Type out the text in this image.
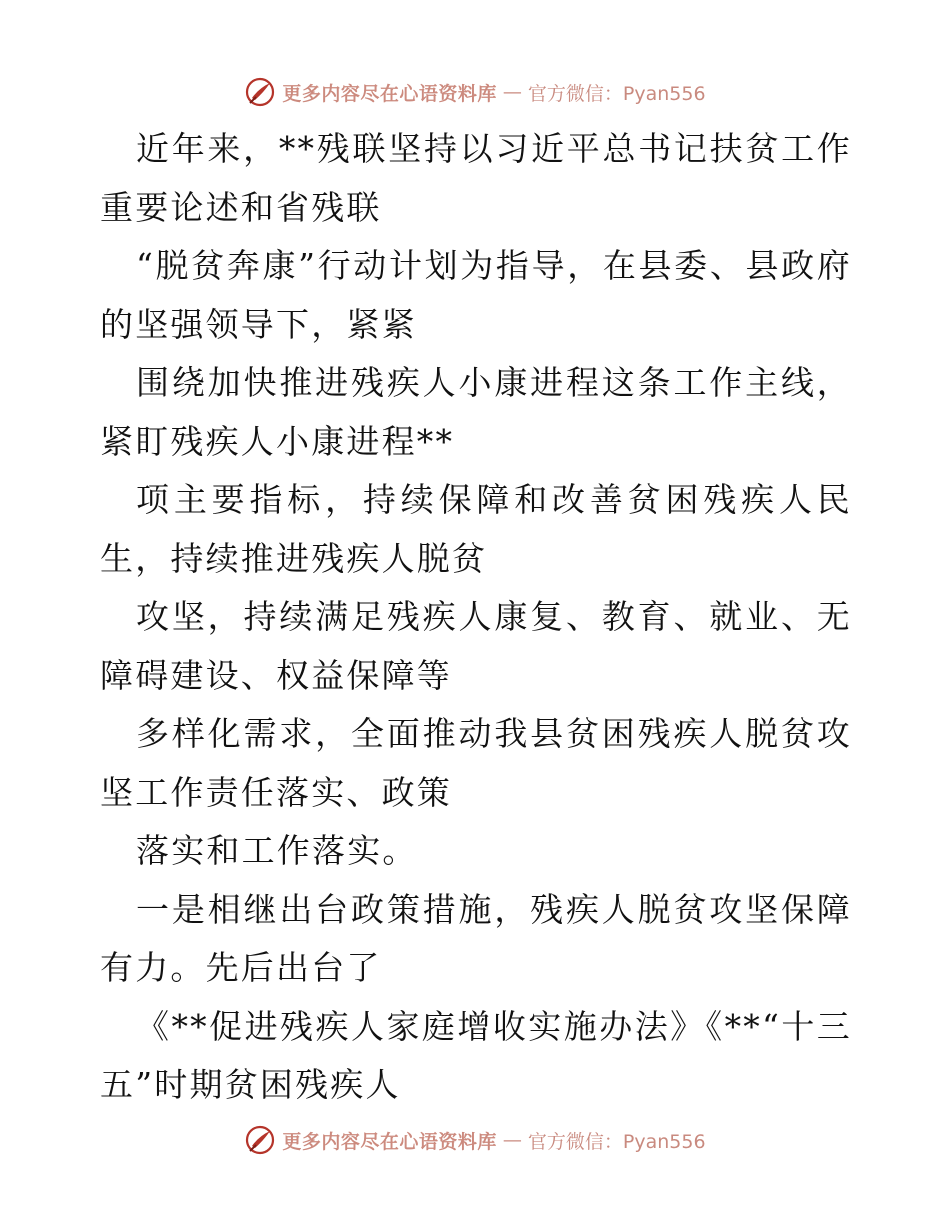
更多内容尽在心语资料库 — 官方微信：Pyan556

近年来，**残联坚持以习近平总书记扶贫工作重要论述和省残联

“脱贫奔康”行动计划为指导，在县委、县政府的坚强领导下，紧紧

围绕加快推进残疾人小康进程这条工作主线，紧盯残疾人小康进程**

项主要指标，持续保障和改善贫困残疾人民生，持续推进残疾人脱贫

攻坚，持续满足残疾人康复、教育、就业、无障碍建设、权益保障等

多样化需求，全面推动我县贫困残疾人脱贫攻坚工作责任落实、政策

落实和工作落实。

一是相继出台政策措施，残疾人脱贫攻坚保障有力。先后出台了

《**促进残疾人家庭增收实施办法》《**“十三五”时期贫困残疾人

更多内容尽在心语资料库 — 官方微信：Pyan556
